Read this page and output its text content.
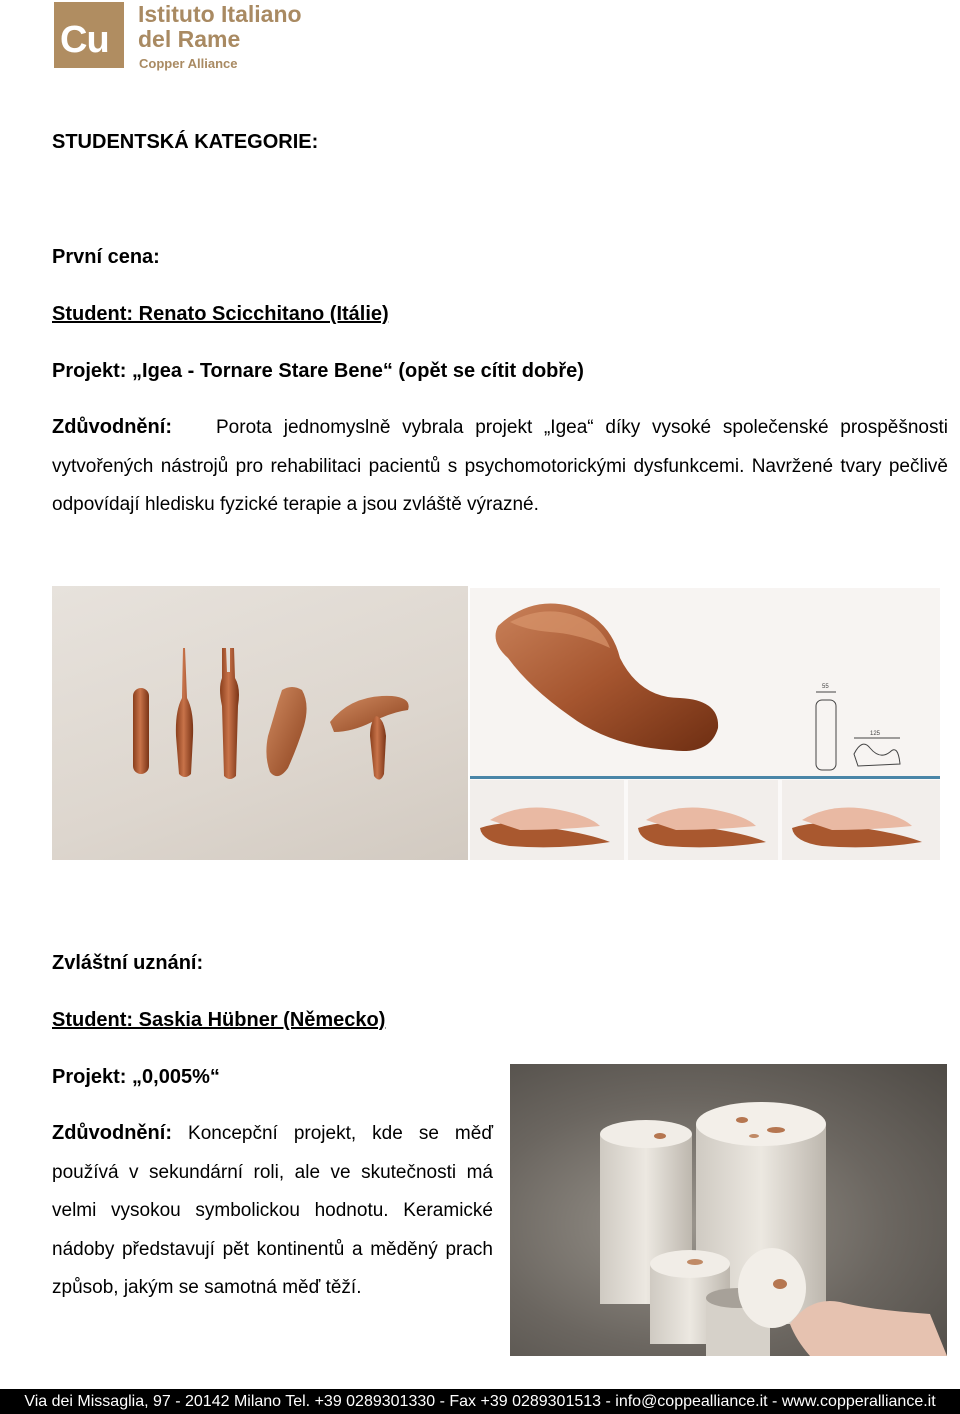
Cu
Istituto Italiano
del Rame
Copper Alliance
STUDENTSKÁ KATEGORIE:
První cena:
Student: Renato Scicchitano (Itálie)
Projekt: „Igea - Tornare Stare Bene“ (opět se cítit dobře)
Zdůvodnění: Porota jednomyslně vybrala projekt „Igea“ díky vysoké společenské prospěšnosti vytvořených nástrojů pro rehabilitaci pacientů s psychomotorickými dysfunkcemi. Navržené tvary pečlivě odpovídají hledisku fyzické terapie a jsou zvláště výrazné.
55
125
Zvláštní uznání:
Student: Saskia Hübner (Německo)
Projekt: „0,005%“
Zdůvodnění: Koncepční projekt, kde se měď používá v sekundární roli, ale ve skutečnosti má velmi vysokou symbolickou hodnotu. Keramické nádoby představují pět kontinentů a měděný prach způsob, jakým se samotná měď těží.
Via dei Missaglia, 97 - 20142 Milano Tel. +39 0289301330 - Fax +39 0289301513 - info@coppealliance.it - www.copperalliance.it
